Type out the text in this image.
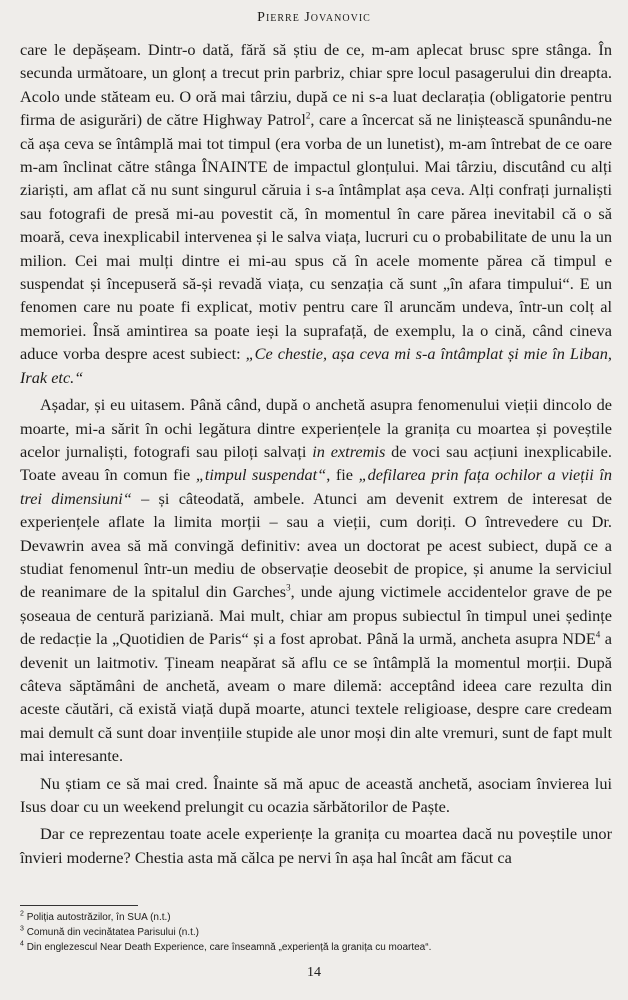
Pierre Jovanovic

care le depășeam. Dintr-o dată, fără să știu de ce, m-am aplecat brusc spre stânga. În secunda următoare, un glonț a trecut prin parbriz, chiar spre locul pasagerului din dreapta. Acolo unde stăteam eu. O oră mai târziu, după ce ni s-a luat declarația (obligatorie pentru firma de asigurări) de către Highway Patrol$^2$, care a încercat să ne liniștească spunându-ne că așa ceva se întâmplă mai tot timpul (era vorba de un lunetist), m-am întrebat de ce oare m-am înclinat către stânga ÎNAINTE de impactul glonțului. Mai târziu, discutând cu alți ziariști, am aflat că nu sunt singurul căruia i s-a întâmplat așa ceva. Alți confrați jurnaliști sau fotografi de presă mi-au povestit că, în momentul în care părea inevitabil că o să moară, ceva inexplicabil intervenea și le salva viața, lucruri cu o probabilitate de unu la un milion. Cei mai mulți dintre ei mi-au spus că în acele momente părea că timpul e suspendat și începuseră să-și revadă viața, cu senzația că sunt „în afara timpului“. E un fenomen care nu poate fi explicat, motiv pentru care îl aruncăm undeva, într-un colț al memoriei. Însă amintirea sa poate ieși la suprafață, de exemplu, la o cină, când cineva aduce vorba despre acest subiect: „Ce chestie, așa ceva mi s-a întâmplat și mie în Liban, Irak etc.“

Așadar, și eu uitasem. Până când, după o anchetă asupra fenomenului vieții dincolo de moarte, mi-a sărit în ochi legătura dintre experiențele la granița cu moartea și poveștile acelor jurnaliști, fotografi sau piloți salvați in extremis de voci sau acțiuni inexplicabile. Toate aveau în comun fie „timpul suspendat“, fie „defilarea prin fața ochilor a vieții în trei dimensiuni“ – și câteodată, ambele. Atunci am devenit extrem de interesat de experiențele aflate la limita morții – sau a vieții, cum doriți. O întrevedere cu Dr. Devawrin avea să mă convingă definitiv: avea un doctorat pe acest subiect, după ce a studiat fenomenul într-un mediu de observație deosebit de propice, și anume la serviciul de reanimare de la spitalul din Garches$^3$, unde ajung victimele accidentelor grave de pe șoseaua de centură pariziană. Mai mult, chiar am propus subiectul în timpul unei ședințe de redacție la „Quotidien de Paris“ și a fost aprobat. Până la urmă, ancheta asupra NDE$^4$ a devenit un laitmotiv. Țineam neapărat să aflu ce se întâmplă la momentul morții. După câteva săptămâni de anchetă, aveam o mare dilemă: acceptând ideea care rezulta din aceste căutări, că există viață după moarte, atunci textele religioase, despre care credeam mai demult că sunt doar invențiile stupide ale unor moși din alte vremuri, sunt de fapt mult mai interesante.

Nu știam ce să mai cred. Înainte să mă apuc de această anchetă, asociam învierea lui Isus doar cu un weekend prelungit cu ocazia sărbătorilor de Paște.

Dar ce reprezentau toate acele experiențe la granița cu moartea dacă nu poveștile unor învieri moderne? Chestia asta mă călca pe nervi în așa hal încât am făcut ca

$^2$ Poliția autostrăzilor, în SUA (n.t.)
$^3$ Comună din vecinătatea Parisului (n.t.)
$^4$ Din englezescul Near Death Experience, care înseamnă „experiență la granița cu moartea“.
14
